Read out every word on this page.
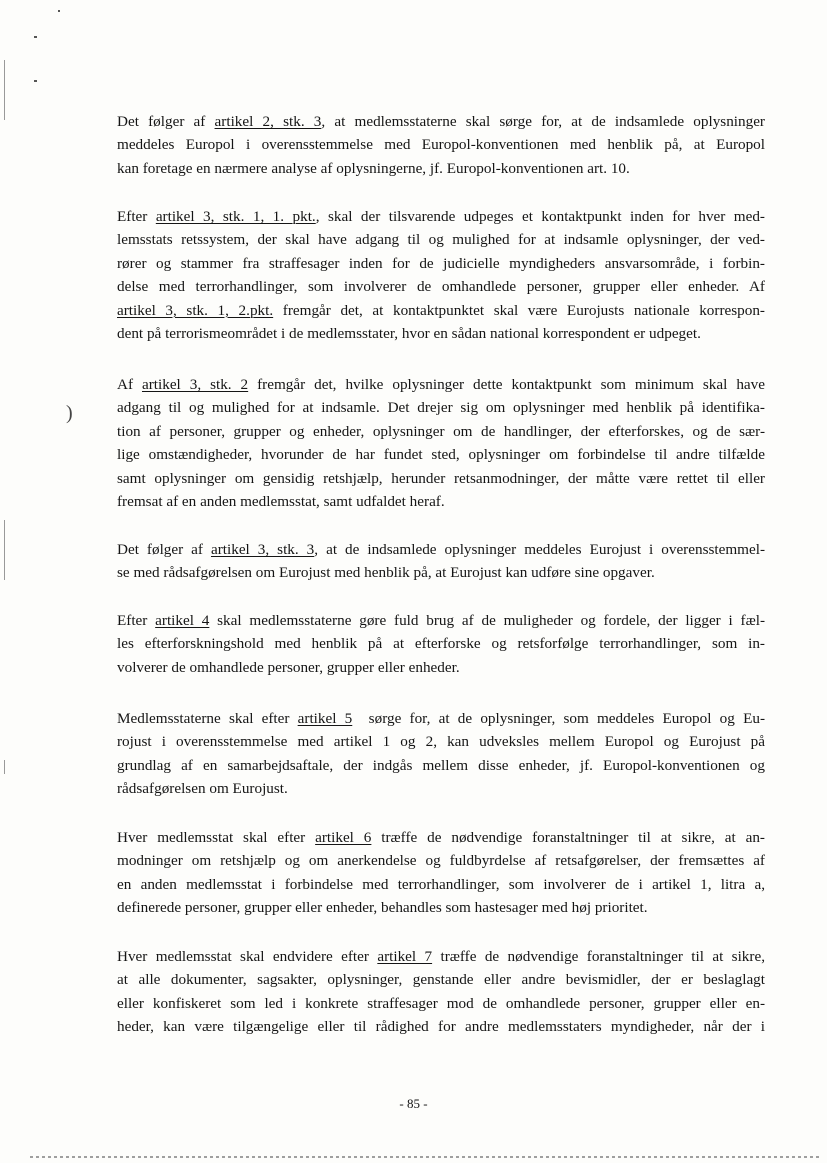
)

Det følger af artikel 2, stk. 3, at medlemsstaterne skal sørge for, at de indsamlede oplysninger
meddeles Europol i overensstemmelse med Europol-konventionen med henblik på, at Europol
kan foretage en nærmere analyse af oplysningerne, jf. Europol-konventionen art. 10.

Efter artikel 3, stk. 1, 1. pkt., skal der tilsvarende udpeges et kontaktpunkt inden for hver med-
lemsstats retssystem, der skal have adgang til og mulighed for at indsamle oplysninger, der ved-
rører og stammer fra straffesager inden for de judicielle myndigheders ansvarsområde, i forbin-
delse med terrorhandlinger, som involverer de omhandlede personer, grupper eller enheder. Af
artikel 3, stk. 1, 2.pkt. fremgår det, at kontaktpunktet skal være Eurojusts nationale korrespon-
dent på terrorismeområdet i de medlemsstater, hvor en sådan national korrespondent er udpeget.

Af artikel 3, stk. 2 fremgår det, hvilke oplysninger dette kontaktpunkt som minimum skal have
adgang til og mulighed for at indsamle. Det drejer sig om oplysninger med henblik på identifika-
tion af personer, grupper og enheder, oplysninger om de handlinger, der efterforskes, og de sær-
lige omstændigheder, hvorunder de har fundet sted, oplysninger om forbindelse til andre tilfælde
samt oplysninger om gensidig retshjælp, herunder retsanmodninger, der måtte være rettet til eller
fremsat af en anden medlemsstat, samt udfaldet heraf.

Det følger af artikel 3, stk. 3, at de indsamlede oplysninger meddeles Eurojust i overensstemmel-
se med rådsafgørelsen om Eurojust med henblik på, at Eurojust kan udføre sine opgaver.

Efter artikel 4 skal medlemsstaterne gøre fuld brug af de muligheder og fordele, der ligger i fæl-
les efterforskningshold med henblik på at efterforske og retsforfølge terrorhandlinger, som in-
volverer de omhandlede personer, grupper eller enheder.

Medlemsstaterne skal efter artikel 5  sørge for, at de oplysninger, som meddeles Europol og Eu-
rojust i overensstemmelse med artikel 1 og 2, kan udveksles mellem Europol og Eurojust på
grundlag af en samarbejdsaftale, der indgås mellem disse enheder, jf. Europol-konventionen og
rådsafgørelsen om Eurojust.

Hver medlemsstat skal efter artikel 6 træffe de nødvendige foranstaltninger til at sikre, at an-
modninger om retshjælp og om anerkendelse og fuldbyrdelse af retsafgørelser, der fremsættes af
en anden medlemsstat i forbindelse med terrorhandlinger, som involverer de i artikel 1, litra a,
definerede personer, grupper eller enheder, behandles som hastesager med høj prioritet.

Hver medlemsstat skal endvidere efter artikel 7 træffe de nødvendige foranstaltninger til at sikre,
at alle dokumenter, sagsakter, oplysninger, genstande eller andre bevismidler, der er beslaglagt
eller konfiskeret som led i konkrete straffesager mod de omhandlede personer, grupper eller en-
heder, kan være tilgængelige eller til rådighed for andre medlemsstaters myndigheder, når der i

- 85 -
